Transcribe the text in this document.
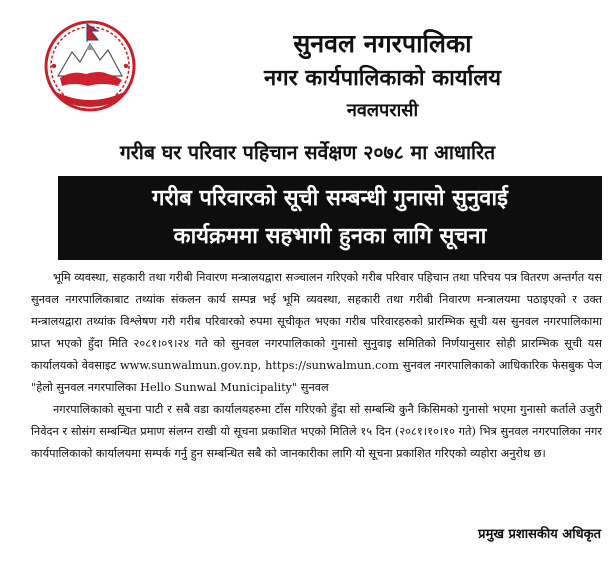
सुनवल नगरपालिका
नगर कार्यपालिकाको कार्यालय
नवलपरासी
गरीब घर परिवार पहिचान सर्वेक्षण २०७८ मा आधारित
गरीब परिवारको सूची सम्बन्धी गुनासो सुनुवाई
कार्यक्रममा सहभागी हुनका लागि सूचना

भूमि व्यवस्था, सहकारी तथा गरीबी निवारण मन्त्रालयद्वारा सञ्चालन गरिएको गरीब परिवार पहिचान तथा परिचय पत्र वितरण अन्तर्गत यस सुनवल नगरपालिकाबाट तथ्यांक संकलन कार्य सम्पन्न भई भूमि व्यवस्था, सहकारी तथा गरीबी निवारण मन्त्रालयमा पठाइएको र उक्त मन्त्रालयद्वारा तथ्यांक विश्लेषण गरी गरीब परिवारको रुपमा सूचीकृत भएका गरीब परिवारहरुको प्रारम्भिक सूची यस सुनवल नगरपालिकामा प्राप्त भएको हुँदा मिति २०८१।०९।२४ गते को सुनवल नगरपालिकाको गुनासो सुनुवाइ समितिको निर्णयानुसार सोही प्रारम्भिक सूची यस कार्यालयको वेवसाइट www.sunwalmun.gov.np, https://sunwalmun.com सुनवल नगरपालिकाको आधिकारिक फेसबुक पेज "हेलो सुनवल नगरपालिका Hello Sunwal Municipality" सुनवल

नगरपालिकाको सूचना पाटी र सबै वडा कार्यालयहरुमा टाँस गरिएको हुँदा सो सम्बन्धि कुनै किसिमको गुनासो भएमा गुनासो कर्ताले उजुरी निवेदन र सोसंग सम्बन्धित प्रमाण संलग्न राखी यो सूचना प्रकाशित भएको मितिले १५ दिन (२०८१।१०।१० गते) भित्र सुनवल नगरपालिका नगर कार्यपालिकाको कार्यालयमा सम्पर्क गर्नु हुन सम्बन्धित सबै को जानकारीका लागि यो सूचना प्रकाशित गरिएको व्यहोरा अनुरोध छ।

प्रमुख प्रशासकीय अधिकृत
